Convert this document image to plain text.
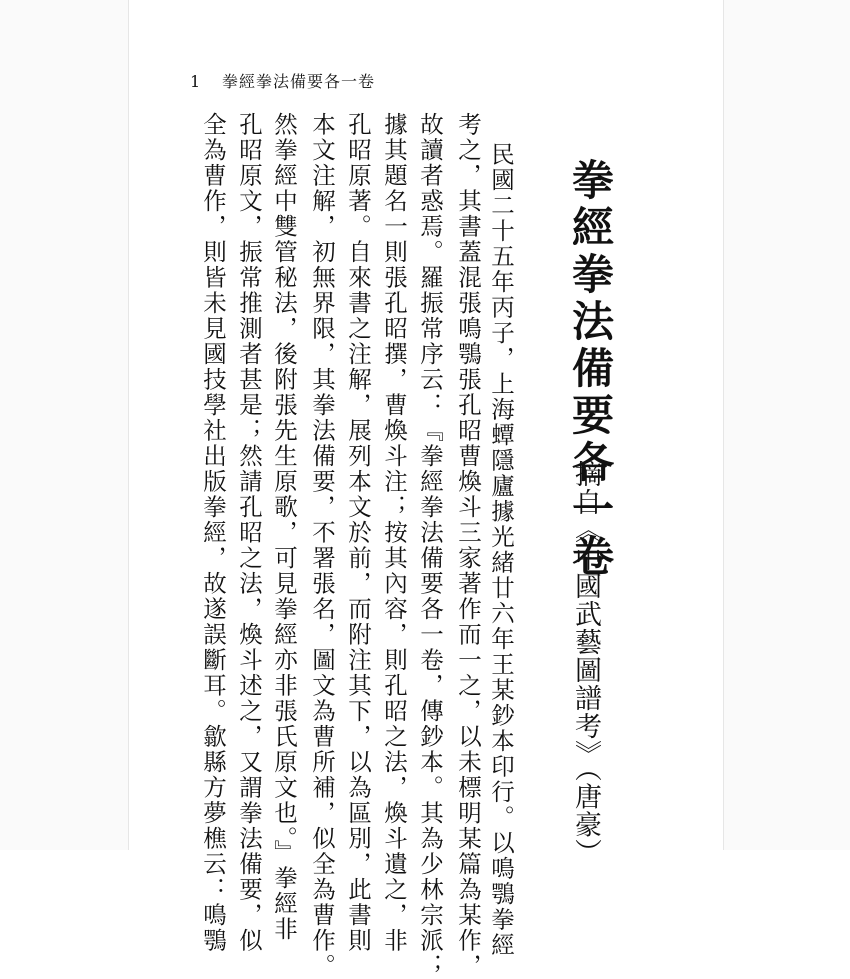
1 拳經拳法備要各一卷
拳經拳法備要各一卷
摘自《中國武藝圖譜考》（唐豪）
民國二十五年丙子，上海蟫隱廬據光緒廿六年王某鈔本印行。以鳴鶚拳經
考之，其書蓋混張鳴鶚張孔昭曹煥斗三家著作而一之，以未標明某篇為某作，
故讀者惑焉。羅振常序云：『拳經拳法備要各一卷，傳鈔本。其為少林宗派；
據其題名一則張孔昭撰，曹煥斗注；按其內容，則孔昭之法，煥斗遺之，非
孔昭原著。自來書之注解，展列本文於前，而附注其下，以為區別，此書則
本文注解，初無界限，其拳法備要，不署張名，圖文為曹所補，似全為曹作。
然拳經中雙管秘法，後附張先生原歌，可見拳經亦非張氏原文也。』拳經非
孔昭原文，振常推測者甚是；然請孔昭之法，煥斗述之，又謂拳法備要，似
全為曹作，則皆未見國技學社出版拳經，故遂誤斷耳。歙縣方夢樵云：鳴鶚
